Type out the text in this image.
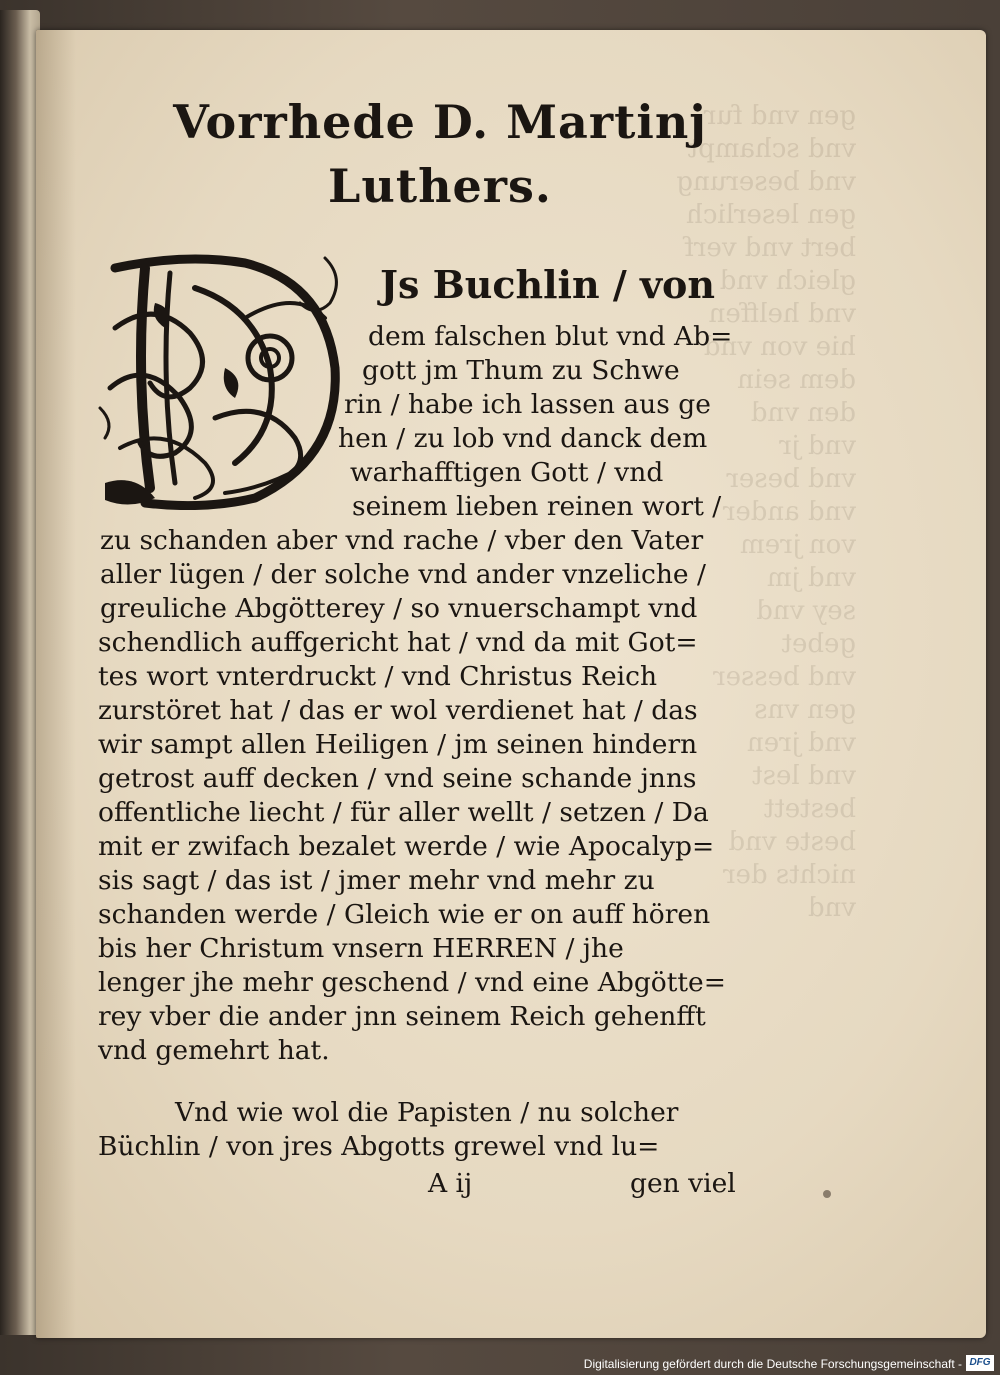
gen vnd fur
vnd schampt
vnd beserung
gen leserlich
bert vnd verf
gleich vnd
vnd helffen
hie von vnd
dem sein
den vnd
vnd jr
vnd beser
vnd ander
von jrem
vnd jm
sey vnd
gebet
vnd besser
gen vns
vnd jren
vnd lest
bestett
beste vnd
nichts der
vnd
Vorrhede D. Martinj
Luthers.
Js Buchlin / von
dem falschen blut vnd Ab=
gott jm Thum zu Schwe
rin / habe ich lassen aus ge
hen / zu lob vnd danck dem
warhafftigen Gott / vnd
seinem lieben reinen wort /
zu schanden aber vnd rache / vber den Vater
aller lügen / der solche vnd ander vnzeliche /
greuliche Abgötterey / so vnuerschampt vnd
schendlich auffgericht hat / vnd da mit Got=
tes wort vnterdruckt / vnd Christus Reich
zurstöret hat / das er wol verdienet hat / das
wir sampt allen Heiligen / jm seinen hindern
getrost auff decken / vnd seine schande jnns
offentliche liecht / für aller wellt / setzen / Da
mit er zwifach bezalet werde / wie Apocalyp=
sis sagt / das ist / jmer mehr vnd mehr zu
schanden werde / Gleich wie er on auff hören
bis her Christum vnsern HERREN / jhe
lenger jhe mehr geschend / vnd eine Abgötte=
rey vber die ander jnn seinem Reich gehenfft
vnd gemehrt hat.
Vnd wie wol die Papisten / nu solcher
Büchlin / von jres Abgotts grewel vnd lu=
A ij	gen viel
Digitalisierung gefördert durch die Deutsche Forschungsgemeinschaft - DFG
